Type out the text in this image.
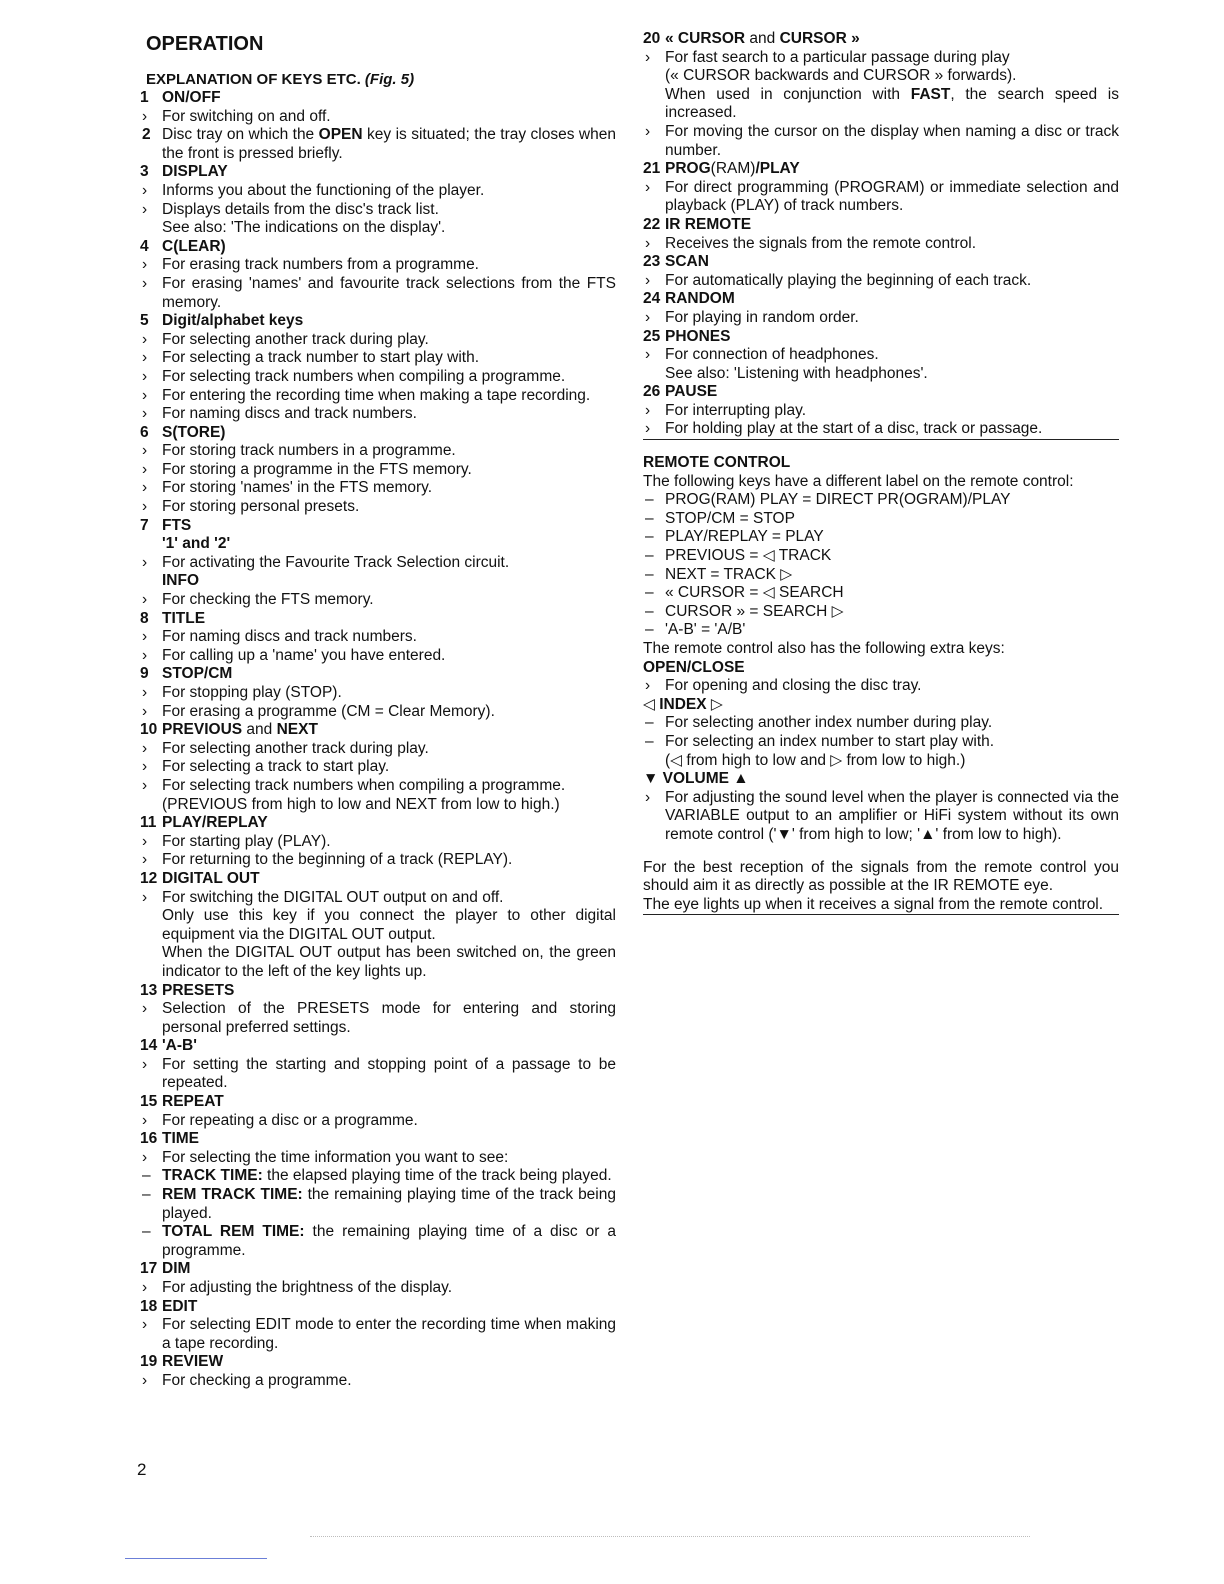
OPERATION
EXPLANATION OF KEYS ETC. (Fig. 5)
1 ON/OFF
› For switching on and off.
2 Disc tray on which the OPEN key is situated; the tray closes when the front is pressed briefly.
3 DISPLAY
› Informs you about the functioning of the player.
› Displays details from the disc's track list.
See also: 'The indications on the display'.
4 C(LEAR)
› For erasing track numbers from a programme.
› For erasing 'names' and favourite track selections from the FTS memory.
5 Digit/alphabet keys
› For selecting another track during play.
› For selecting a track number to start play with.
› For selecting track numbers when compiling a programme.
› For entering the recording time when making a tape recording.
› For naming discs and track numbers.
6 S(TORE)
› For storing track numbers in a programme.
› For storing a programme in the FTS memory.
› For storing 'names' in the FTS memory.
› For storing personal presets.
7 FTS
'1' and '2'
› For activating the Favourite Track Selection circuit.
INFO
› For checking the FTS memory.
8 TITLE
› For naming discs and track numbers.
› For calling up a 'name' you have entered.
9 STOP/CM
› For stopping play (STOP).
› For erasing a programme (CM = Clear Memory).
10 PREVIOUS and NEXT
› For selecting another track during play.
› For selecting a track to start play.
› For selecting track numbers when compiling a programme.
(PREVIOUS from high to low and NEXT from low to high.)
11 PLAY/REPLAY
› For starting play (PLAY).
› For returning to the beginning of a track (REPLAY).
12 DIGITAL OUT
› For switching the DIGITAL OUT output on and off.
Only use this key if you connect the player to other digital equipment via the DIGITAL OUT output.
When the DIGITAL OUT output has been switched on, the green indicator to the left of the key lights up.
13 PRESETS
› Selection of the PRESETS mode for entering and storing personal preferred settings.
14 'A-B'
› For setting the starting and stopping point of a passage to be repeated.
15 REPEAT
› For repeating a disc or a programme.
16 TIME
› For selecting the time information you want to see:
– TRACK TIME: the elapsed playing time of the track being played.
– REM TRACK TIME: the remaining playing time of the track being played.
– TOTAL REM TIME: the remaining playing time of a disc or a programme.
17 DIM
› For adjusting the brightness of the display.
18 EDIT
› For selecting EDIT mode to enter the recording time when making a tape recording.
19 REVIEW
› For checking a programme.
20 « CURSOR and CURSOR »
› For fast search to a particular passage during play
(« CURSOR backwards and CURSOR » forwards).
When used in conjunction with FAST, the search speed is increased.
› For moving the cursor on the display when naming a disc or track number.
21 PROG(RAM)/PLAY
› For direct programming (PROGRAM) or immediate selection and playback (PLAY) of track numbers.
22 IR REMOTE
› Receives the signals from the remote control.
23 SCAN
› For automatically playing the beginning of each track.
24 RANDOM
› For playing in random order.
25 PHONES
› For connection of headphones.
See also: 'Listening with headphones'.
26 PAUSE
› For interrupting play.
› For holding play at the start of a disc, track or passage.
REMOTE CONTROL
The following keys have a different label on the remote control:
– PROG(RAM) PLAY = DIRECT PR(OGRAM)/PLAY
– STOP/CM = STOP
– PLAY/REPLAY = PLAY
– PREVIOUS = ◁ TRACK
– NEXT = TRACK ▷
– « CURSOR = ◁ SEARCH
– CURSOR » = SEARCH ▷
– 'A-B' = 'A/B'
The remote control also has the following extra keys:
OPEN/CLOSE
› For opening and closing the disc tray.
◁ INDEX ▷
– For selecting another index number during play.
– For selecting an index number to start play with.
(◁ from high to low and ▷ from low to high.)
▼ VOLUME ▲
› For adjusting the sound level when the player is connected via the VARIABLE output to an amplifier or HiFi system without its own remote control ('▼' from high to low; '▲' from low to high).
For the best reception of the signals from the remote control you should aim it as directly as possible at the IR REMOTE eye.
The eye lights up when it receives a signal from the remote control.
2
